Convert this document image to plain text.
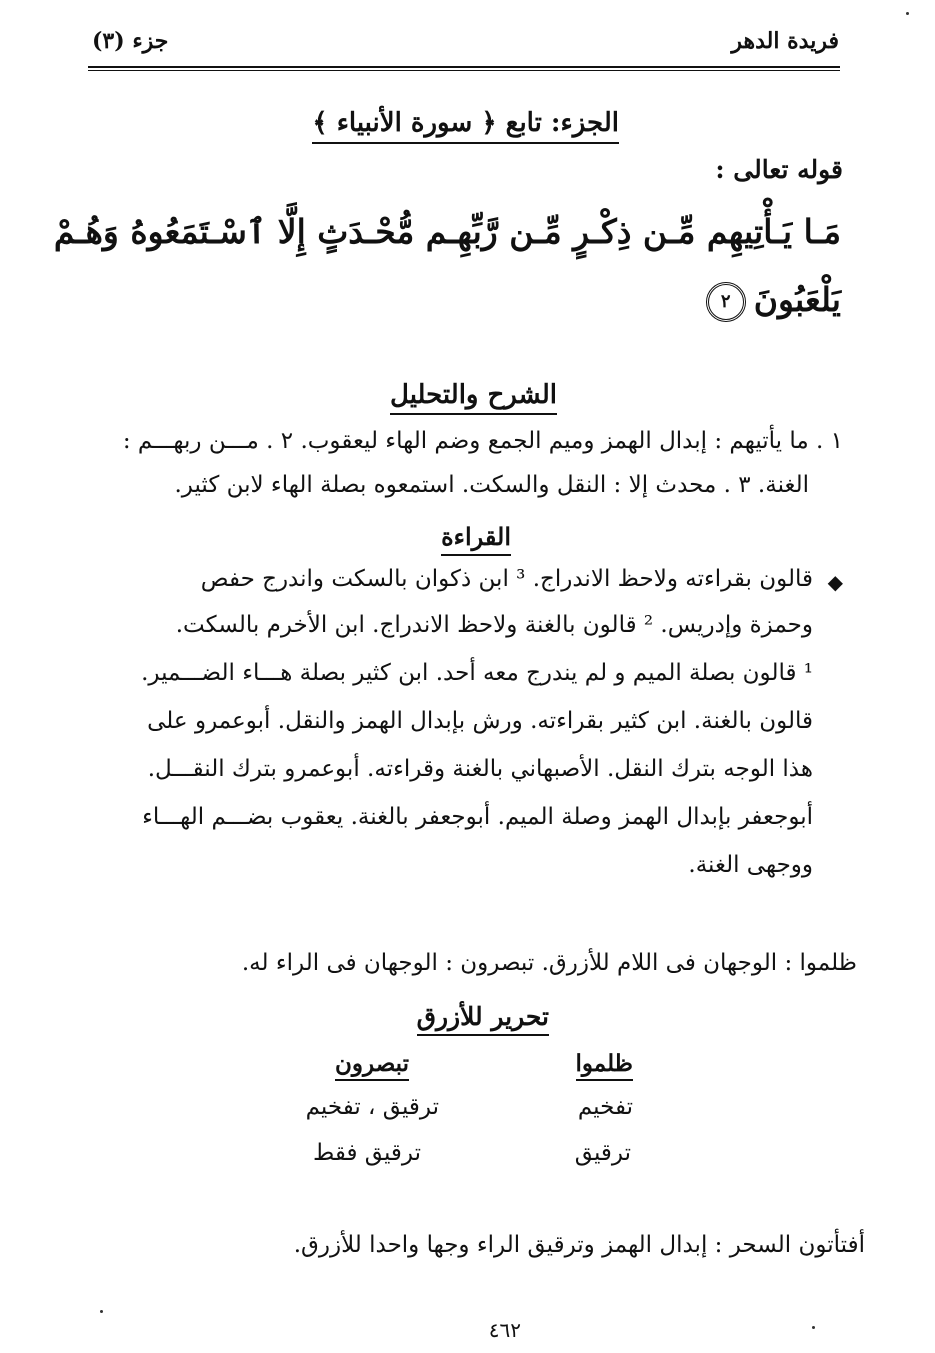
فريدة الدهر
جزء (٣)
الجزء: تابع ﴿ سورة الأنبياء ﴾
قوله تعالى :
مَـا يَـأْتِيهِم مِّـن ذِكْـرٍ مِّـن رَّبِّهِـم مُّحْـدَثٍ إِلَّا ٱسْـتَمَعُوهُ وَهُـمْ
يَلْعَبُونَ٢
الشرح والتحليل
١ . ما يأتيهم : إبدال الهمز وميم الجمع وضم الهاء ليعقوب. ٢ . مـــن ربهـــم :
الغنة. ٣ . محدث إلا : النقل والسكت. استمعوه بصلة الهاء لابن كثير.
القراءة
◆
قالون بقراءته ولاحظ الاندراج. ³ ابن ذكوان بالسكت واندرج حفص
وحمزة وإدريس. ² قالون بالغنة ولاحظ الاندراج. ابن الأخرم بالسكت.
¹ قالون بصلة الميم و لم يندرج معه أحد. ابن كثير بصلة هـــاء الضـــمير.
قالون بالغنة. ابن كثير بقراءته. ورش بإبدال الهمز والنقل. أبوعمرو على
هذا الوجه بترك النقل. الأصبهاني بالغنة وقراءته. أبوعمرو بترك النقـــل.
أبوجعفر بإبدال الهمز وصلة الميم. أبوجعفر بالغنة. يعقوب بضـــم الهـــاء
ووجهى الغنة.
ظلموا : الوجهان فى اللام للأزرق. تبصرون : الوجهان فى الراء له.
تحرير للأزرق
ظلموا
تبصرون
تفخيم
ترقيق ، تفخيم
ترقيق
ترقيق فقط
أفتأتون السحر : إبدال الهمز وترقيق الراء وجها واحدا للأزرق.
٤٦٢
